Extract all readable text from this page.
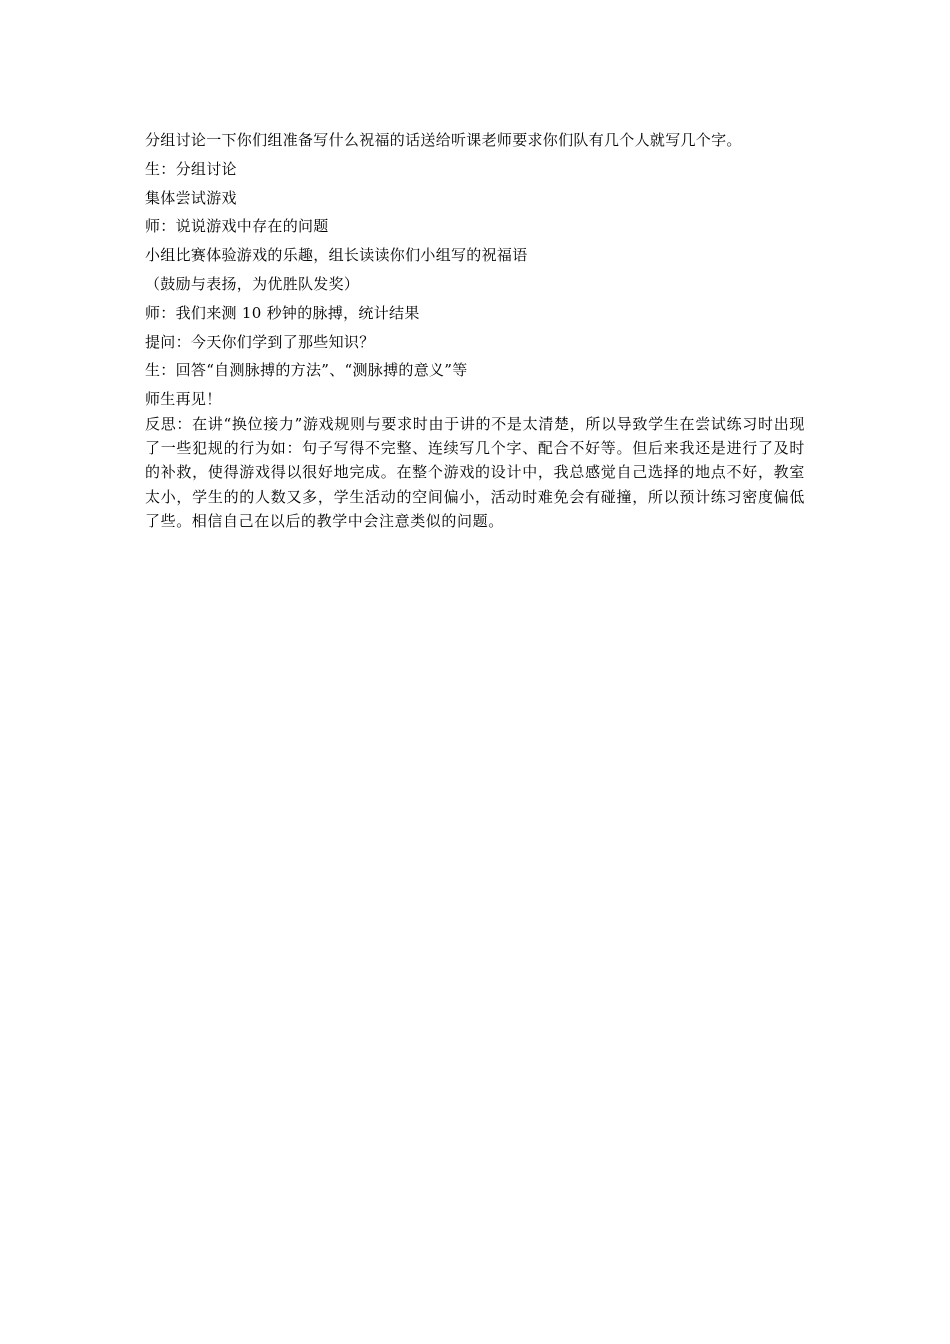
分组讨论一下你们组准备写什么祝福的话送给听课老师要求你们队有几个人就写几个字。
生：分组讨论
集体尝试游戏
师：说说游戏中存在的问题
小组比赛体验游戏的乐趣，组长读读你们小组写的祝福语
（鼓励与表扬，为优胜队发奖）
师：我们来测 10 秒钟的脉搏，统计结果
提问：今天你们学到了那些知识？
生：回答“自测脉搏的方法”、“测脉搏的意义”等
师生再见！
反思：在讲“换位接力”游戏规则与要求时由于讲的不是太清楚，所以导致学生在尝试练习时出现了一些犯规的行为如：句子写得不完整、连续写几个字、配合不好等。但后来我还是进行了及时的补救，使得游戏得以很好地完成。在整个游戏的设计中，我总感觉自己选择的地点不好，教室太小，学生的的人数又多，学生活动的空间偏小，活动时难免会有碰撞，所以预计练习密度偏低了些。相信自己在以后的教学中会注意类似的问题。
